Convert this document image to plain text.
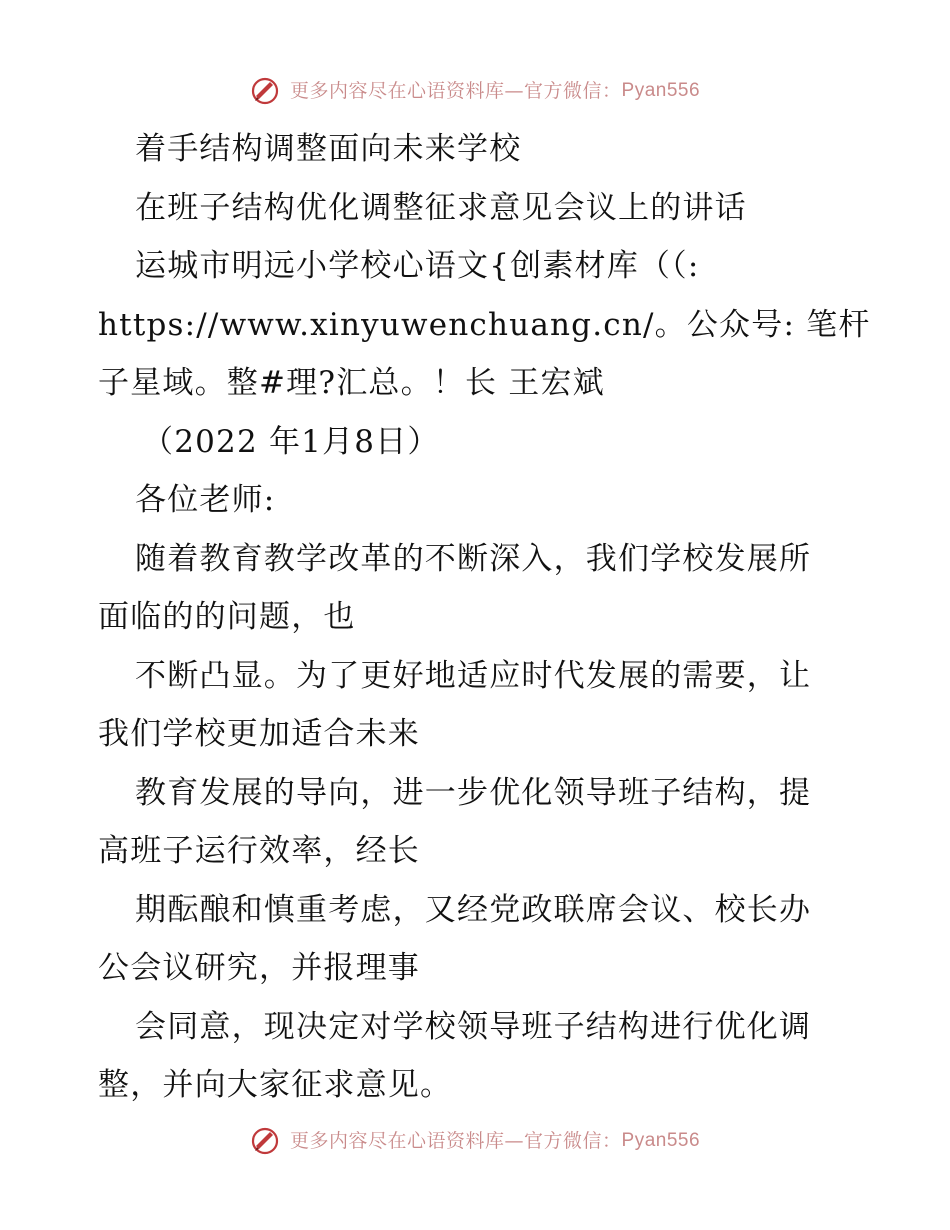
更多内容尽在心语资料库—官方微信：Pyan556
着手结构调整面向未来学校
在班子结构优化调整征求意见会议上的讲话
运城市明远小学校心语文{创素材库（（:
https://www.xinyuwenchuang.cn/。公众号: 笔杆
子星域。整#理?汇总。！长 王宏斌
（2022 年1月8日）
各位老师:
随着教育教学改革的不断深入，我们学校发展所
面临的的问题，也
不断凸显。为了更好地适应时代发展的需要，让
我们学校更加适合未来
教育发展的导向，进一步优化领导班子结构，提
高班子运行效率，经长
期酝酿和慎重考虑，又经党政联席会议、校长办
公会议研究，并报理事
会同意，现决定对学校领导班子结构进行优化调
整，并向大家征求意见。
更多内容尽在心语资料库—官方微信：Pyan556
